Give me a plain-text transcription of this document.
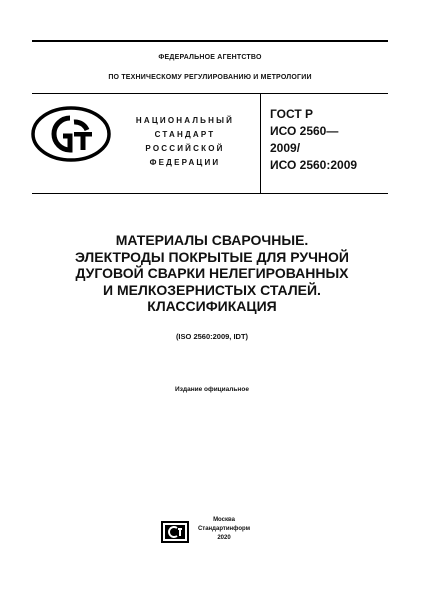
ФЕДЕРАЛЬНОЕ АГЕНТСТВО
ПО ТЕХНИЧЕСКОМУ РЕГУЛИРОВАНИЮ И МЕТРОЛОГИИ
НАЦИОНАЛЬНЫЙ
СТАНДАРТ
РОССИЙСКОЙ
ФЕДЕРАЦИИ
ГОСТ Р
ИСО 2560—
2009/
ИСО 2560:2009
МАТЕРИАЛЫ СВАРОЧНЫЕ.
ЭЛЕКТРОДЫ ПОКРЫТЫЕ ДЛЯ РУЧНОЙ
ДУГОВОЙ СВАРКИ НЕЛЕГИРОВАННЫХ
И МЕЛКОЗЕРНИСТЫХ СТАЛЕЙ.
КЛАССИФИКАЦИЯ
(ISO 2560:2009, IDT)
Издание официальное
Москва
Стандартинформ
2020
